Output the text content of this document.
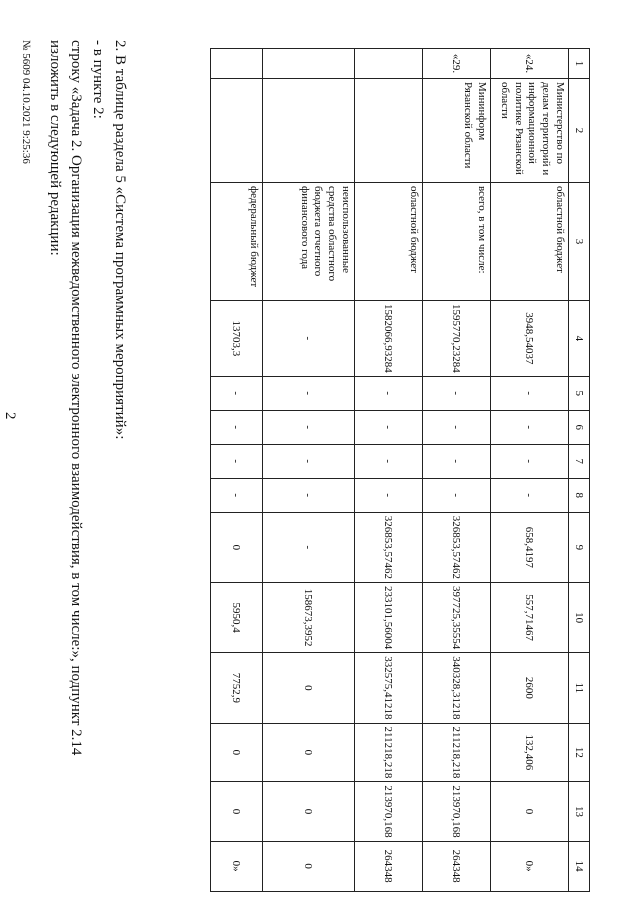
2
1	2	3	4	5	6	7	8	9	10	11	12	13	14
«24.	Министерство по делам территорий и информационной политике Рязанской области	областной бюджет	3948,54037	-	-	-	-	658,4197	557,71467	2600	132,406	0	0»
«29.	Мининформ Рязанской области	всего, в том числе:	1595770,23284	-	-	-	-	326853,57462	397725,35554	340328,31218	211218,218	213970,168	264348
		областной бюджет	1582066,93284	-	-	-	-	326853,57462	233101,56004	332575,41218	211218,218	213970,168	264348
		неиспользованные средства областного бюджета отчетного финансового года	-	-	-	-	-	-	158673,3952	0	0	0	0
		федеральный бюджет	13703,3	-	-	-	-	0	5950,4	7752,9	0	0	0»
2. В таблице раздела 5 «Система программных мероприятий»:
- в пункте 2:
строку «Задача 2. Организация межведомственного электронного взаимодействия, в том числе:», подпункт 2.14
изложить в следующей редакции:
№ 5609 04.10.2021 9:25:36
